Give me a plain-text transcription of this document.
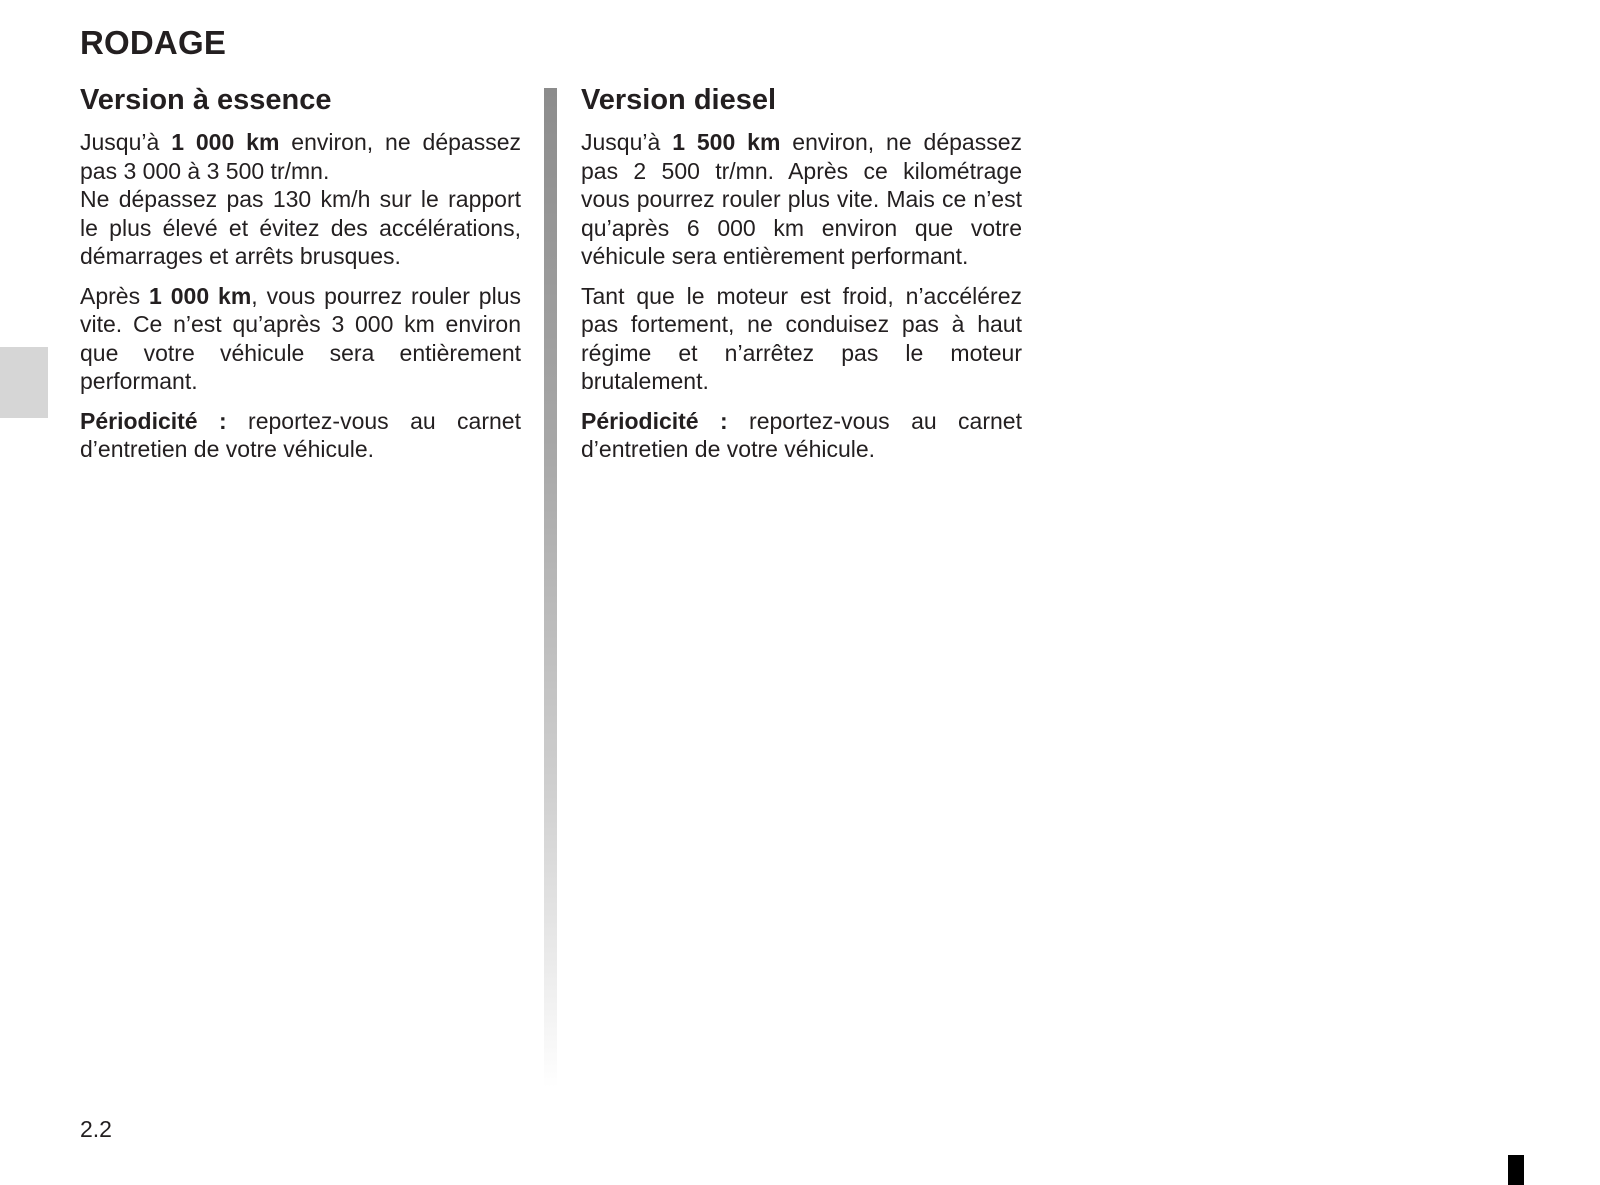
RODAGE
Version à essence

Jusqu’à 1 000 km environ, ne dépassez pas 3 000 à 3 500 tr/mn.
Ne dépassez pas 130 km/h sur le rapport le plus élevé et évitez des accélérations, démarrages et arrêts brusques.

Après 1 000 km, vous pourrez rouler plus vite. Ce n’est qu’après 3 000 km environ que votre véhicule sera entièrement performant.

Périodicité : reportez-vous au carnet d’entretien de votre véhicule.

Version diesel

Jusqu’à 1 500 km environ, ne dépassez pas 2 500 tr/mn. Après ce kilométrage vous pourrez rouler plus vite. Mais ce n’est qu’après 6 000 km environ que votre véhicule sera entièrement performant.

Tant que le moteur est froid, n’accélérez pas fortement, ne conduisez pas à haut régime et n’arrêtez pas le moteur brutalement.

Périodicité : reportez-vous au carnet d’entretien de votre véhicule.

2.2
